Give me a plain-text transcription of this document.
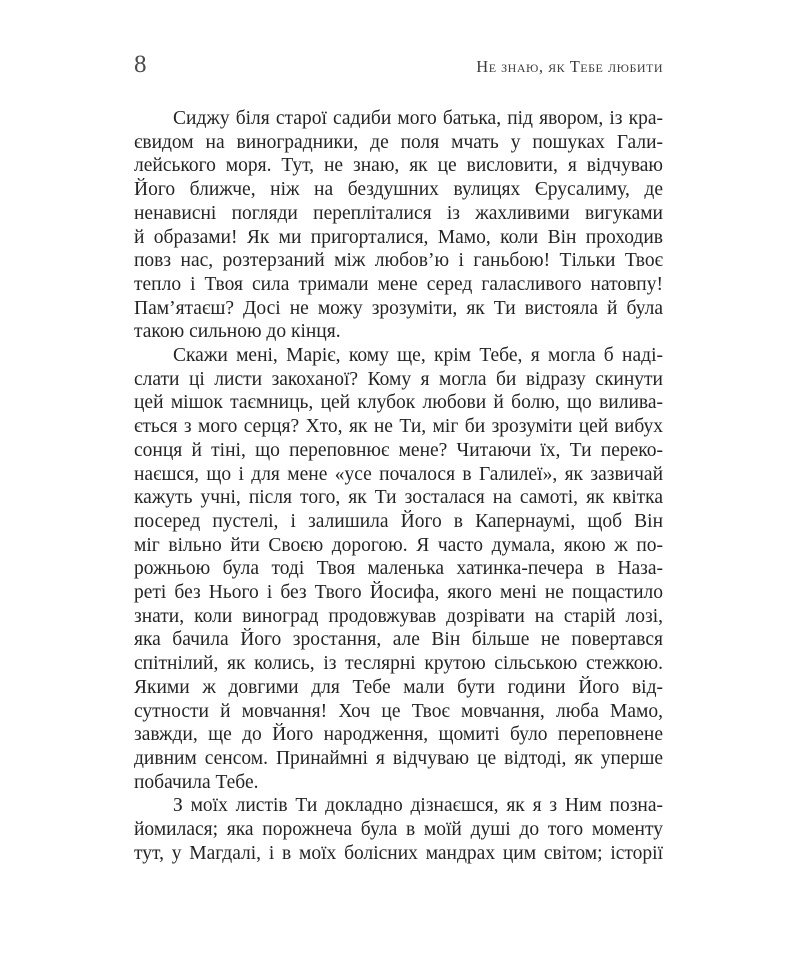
8	Не знаю, як Тебе любити

Сиджу біля старої садиби мого батька, під явором, із кра-
євидом на виноградники, де поля мчать у пошуках Гали-
лейського моря. Тут, не знаю, як це висловити, я відчуваю
Його ближче, ніж на бездушних вулицях Єрусалиму, де
ненависні погляди перепліталися із жахливими вигуками
й образами! Як ми пригорталися, Мамо, коли Він проходив
повз нас, розтерзаний між любов’ю і ганьбою! Тільки Твоє
тепло і Твоя сила тримали мене серед галасливого натовпу!
Пам’ятаєш? Досі не можу зрозуміти, як Ти вистояла й була
такою сильною до кінця.

Скажи мені, Маріє, кому ще, крім Тебе, я могла б наді-
слати ці листи закоханої? Кому я могла би відразу скинути
цей мішок таємниць, цей клубок любови й болю, що вилива-
ється з мого серця? Хто, як не Ти, міг би зрозуміти цей вибух
сонця й тіні, що переповнює мене? Читаючи їх, Ти переко-
наєшся, що і для мене «усе почалося в Галилеї», як зазвичай
кажуть учні, після того, як Ти зосталася на самоті, як квітка
посеред пустелі, і залишила Його в Капернаумі, щоб Він
міг вільно йти Своєю дорогою. Я часто думала, якою ж по-
рожньою була тоді Твоя маленька хатинка-печера в Наза-
реті без Нього і без Твого Йосифа, якого мені не пощастило
знати, коли виноград продовжував дозрівати на старій лозі,
яка бачила Його зростання, але Він більше не повертався
спітнілий, як колись, із теслярні крутою сільською стежкою.
Якими ж довгими для Тебе мали бути години Його від-
сутности й мовчання! Хоч це Твоє мовчання, люба Мамо,
завжди, ще до Його народження, щомиті було переповнене
дивним сенсом. Принаймні я відчуваю це відтоді, як уперше
побачила Тебе.

З моїх листів Ти докладно дізнаєшся, як я з Ним позна-
йомилася; яка порожнеча була в моїй душі до того моменту
тут, у Магдалі, і в моїх болісних мандрах цим світом; історії
